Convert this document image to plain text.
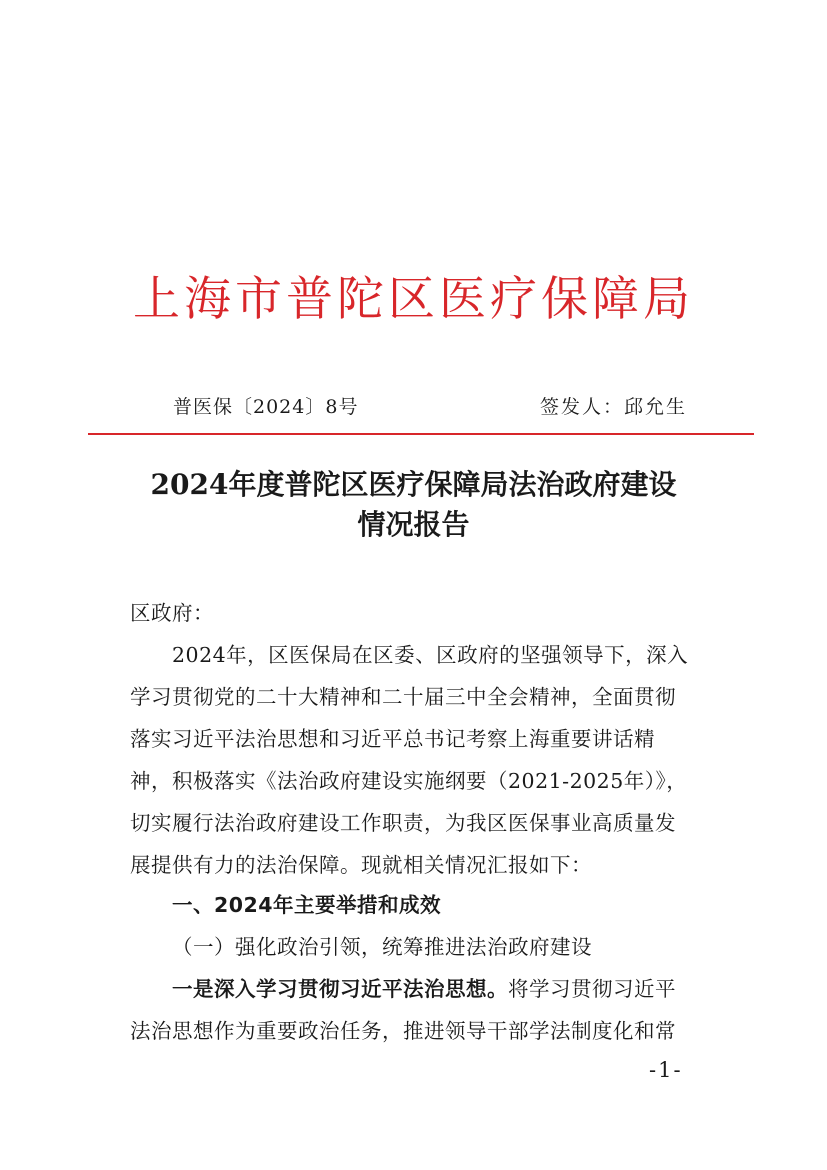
上海市普陀区医疗保障局
普医保〔2024〕8号	签发人：邱允生
2024年度普陀区医疗保障局法治政府建设
情况报告
区政府：
2024年，区医保局在区委、区政府的坚强领导下，深入
学习贯彻党的二十大精神和二十届三中全会精神，全面贯彻
落实习近平法治思想和习近平总书记考察上海重要讲话精
神，积极落实《法治政府建设实施纲要（2021-2025年）》，
切实履行法治政府建设工作职责，为我区医保事业高质量发
展提供有力的法治保障。现就相关情况汇报如下：
一、2024年主要举措和成效
（一）强化政治引领，统筹推进法治政府建设
一是深入学习贯彻习近平法治思想。将学习贯彻习近平
法治思想作为重要政治任务，推进领导干部学法制度化和常
-1-
